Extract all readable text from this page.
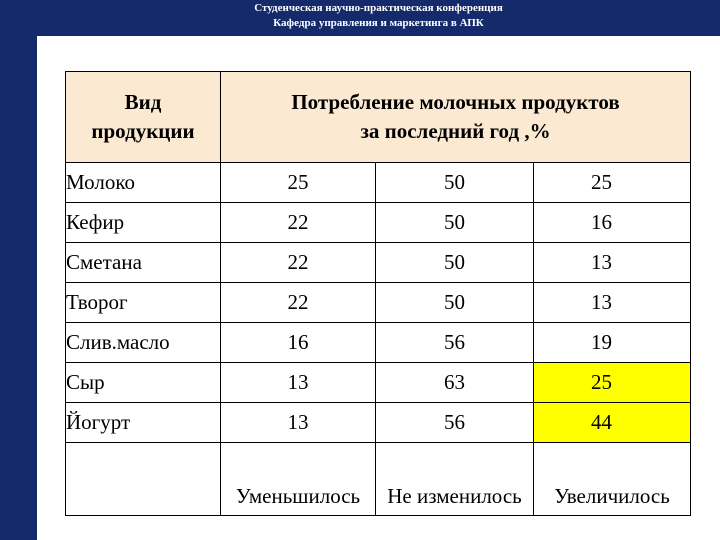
Студенческая научно-практическая конференция
Кафедра управления и маркетинга в АПК
Вид
продукции	Потребление молочных продуктов
за последний год ,%		
Молоко	25	50	25
Кефир	22	50	16
Сметана	22	50	13
Творог	22	50	13
Слив.масло	16	56	19
Сыр	13	63	25
Йогурт	13	56	44
	Уменьшилось	Не изменилось	Увеличилось
